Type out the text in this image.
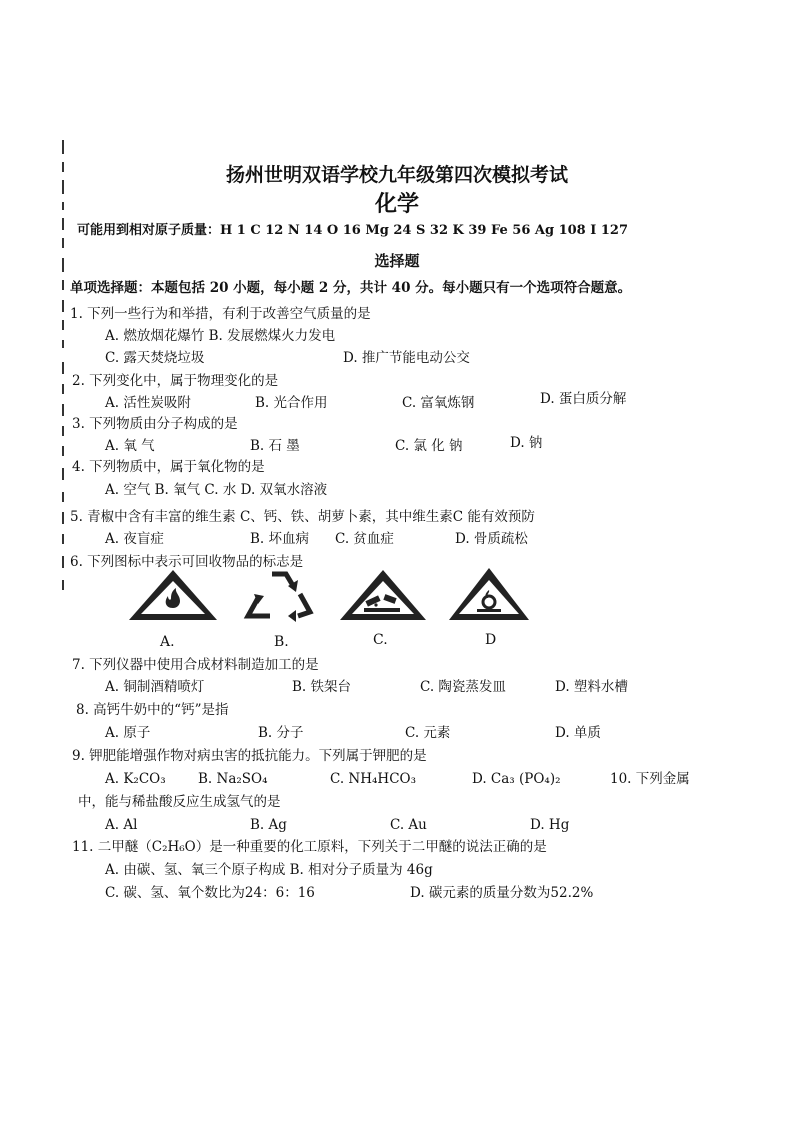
扬州世明双语学校九年级第四次模拟考试
化学
可能用到相对原子质量：H 1 C 12 N 14 O 16 Mg 24 S 32 K 39 Fe 56 Ag 108 I 127
选择题
单项选择题：本题包括 20 小题，每小题 2 分，共计 40 分。每小题只有一个选项符合题意。
1. 下列一些行为和举措，有利于改善空气质量的是
A. 燃放烟花爆竹 B. 发展燃煤火力发电
C. 露天焚烧垃圾	D. 推广节能电动公交
2. 下列变化中，属于物理变化的是
A. 活性炭吸附	B. 光合作用	C. 富氧炼钢	D. 蛋白质分解
3. 下列物质由分子构成的是
A. 氧 气	B. 石 墨	C. 氯 化 钠	D. 钠
4. 下列物质中，属于氧化物的是
A. 空气 B. 氧气 C. 水 D. 双氧水溶液
5. 青椒中含有丰富的维生素 C、钙、铁、胡萝卜素，其中维生素C 能有效预防
A. 夜盲症	B. 坏血病 C. 贫血症	D. 骨质疏松
6. 下列图标中表示可回收物品的标志是
A.	B.	C.	D
7. 下列仪器中使用合成材料制造加工的是
A. 铜制酒精喷灯	B. 铁架台	C. 陶瓷蒸发皿	D. 塑料水槽
8. 高钙牛奶中的“钙”是指
A. 原子	B. 分子	C. 元素	D. 单质
9. 钾肥能增强作物对病虫害的抵抗能力。下列属于钾肥的是
A. K₂CO₃ B. Na₂SO₄	C. NH₄HCO₃	D. Ca₃ (PO₄)₂	10. 下列金属
中，能与稀盐酸反应生成氢气的是
A. Al	B. Ag	C. Au	D. Hg
11. 二甲醚（C₂H₆O）是一种重要的化工原料，下列关于二甲醚的说法正确的是
A. 由碳、氢、氧三个原子构成 B. 相对分子质量为 46g
C. 碳、氢、氧个数比为24：6：16	D. 碳元素的质量分数为52.2%
